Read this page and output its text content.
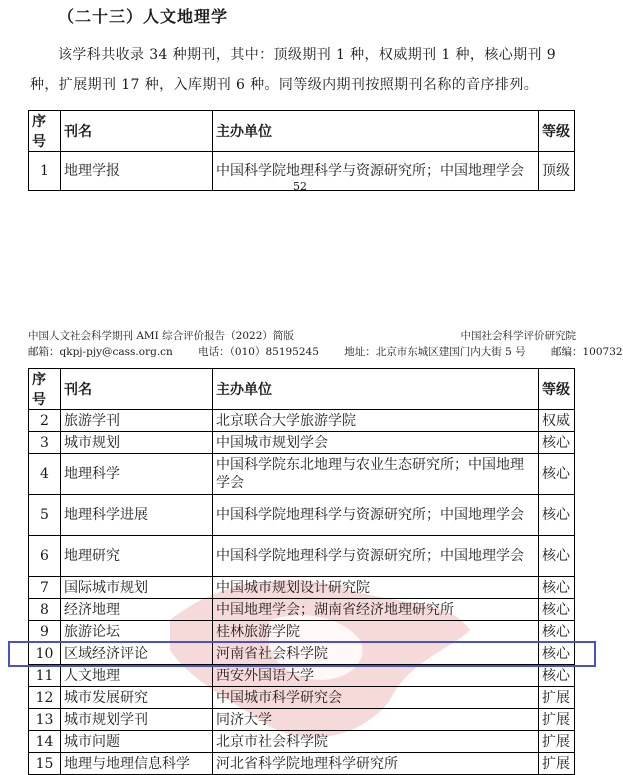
（二十三）人文地理学
该学科共收录 34 种期刊，其中：顶级期刊 1 种，权威期刊 1 种，核心期刊 9 种，扩展期刊 17 种，入库期刊 6 种。同等级内期刊按照期刊名称的音序排列。
序号	刊名	主办单位	等级
1	地理学报	中国科学院地理科学与资源研究所；中国地理学会	顶级
52
中国人文社会科学期刊 AMI 综合评价报告（2022）简版	中国社会科学评价研究院
邮箱：qkpj-pjy@cass.org.cn 电话：（010）85195245 地址：北京市东城区建国门内大街 5 号 邮编：100732
序号	刊名	主办单位	等级
2	旅游学刊	北京联合大学旅游学院	权威
3	城市规划	中国城市规划学会	核心
4	地理科学	中国科学院东北地理与农业生态研究所；中国地理学会	核心
5	地理科学进展	中国科学院地理科学与资源研究所；中国地理学会	核心
6	地理研究	中国科学院地理科学与资源研究所；中国地理学会	核心
7	国际城市规划	中国城市规划设计研究院	核心
8	经济地理	中国地理学会；湖南省经济地理研究所	核心
9	旅游论坛	桂林旅游学院	核心
10	区域经济评论	河南省社会科学院	核心
11	人文地理	西安外国语大学	核心
12	城市发展研究	中国城市科学研究会	扩展
13	城市规划学刊	同济大学	扩展
14	城市问题	北京市社会科学院	扩展
15	地理与地理信息科学	河北省科学院地理科学研究所	扩展
